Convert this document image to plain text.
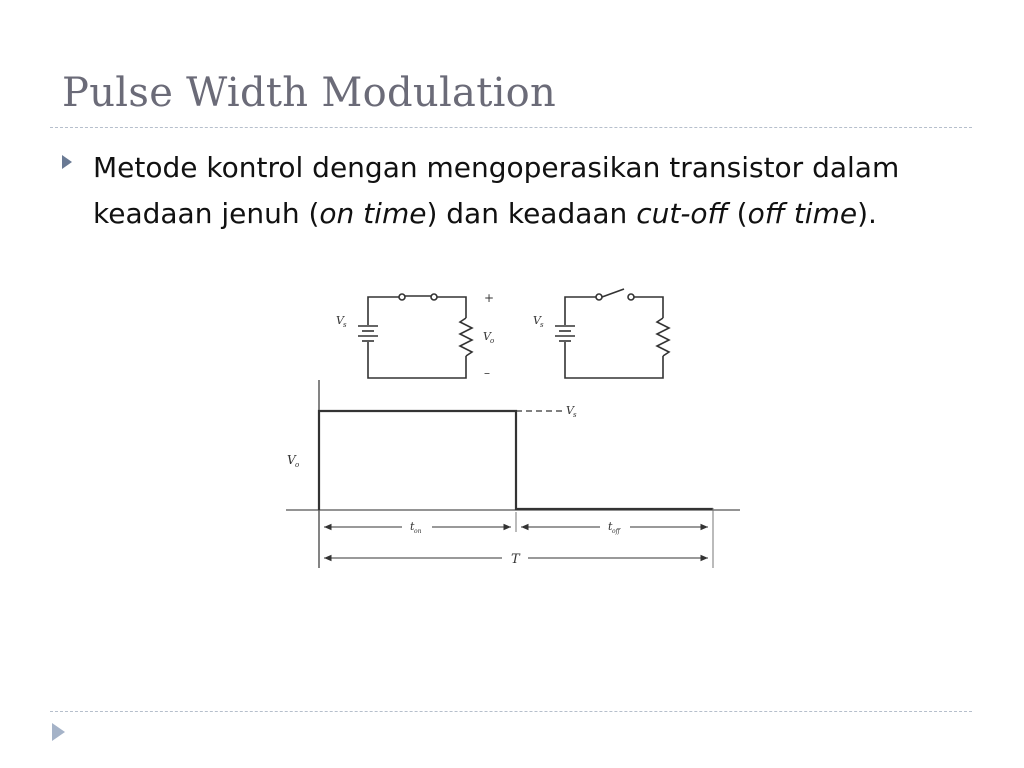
Pulse Width Modulation
Metode kontrol dengan mengoperasikan transistor dalam
keadaan jenuh (on time) dan keadaan cut-off (off time).
V s
V o
+
–
V s
V s
V o
t on	t off
T
